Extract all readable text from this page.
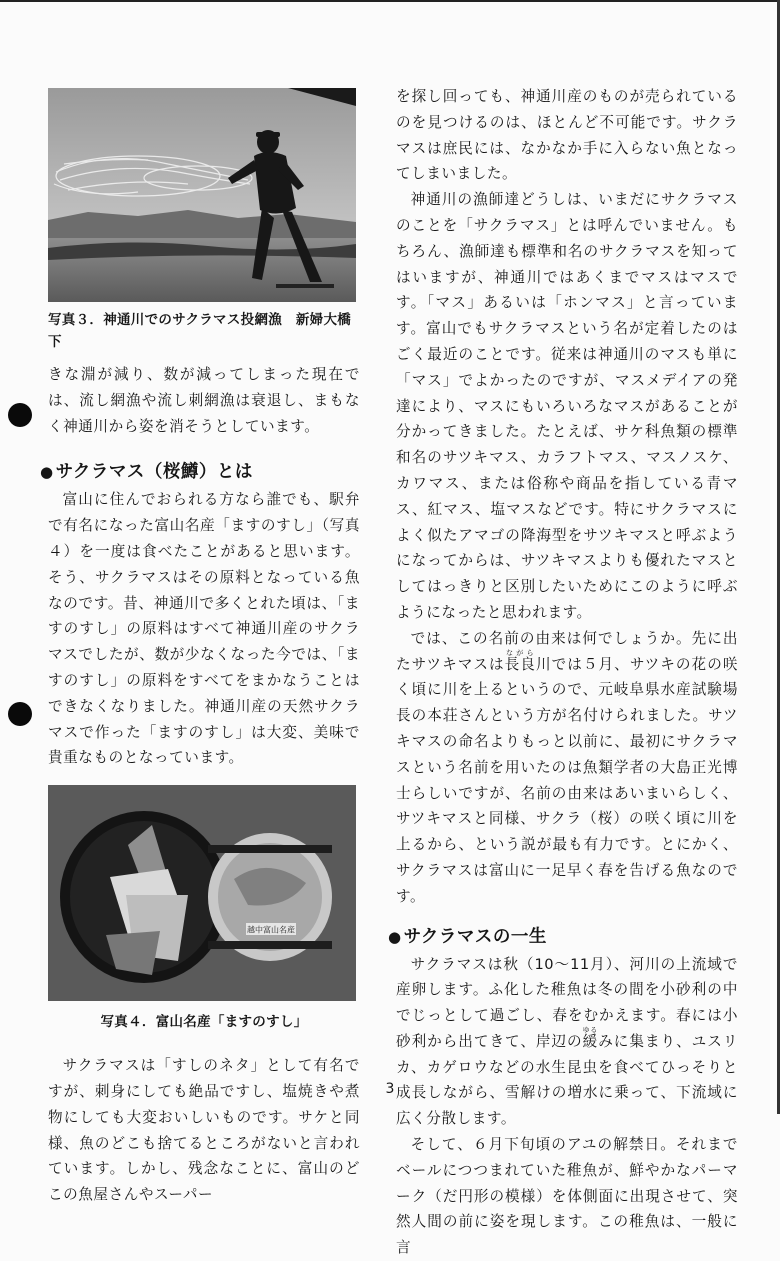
写真３．神通川でのサクラマス投網漁　新婦大橋下

きな淵が減り、数が減ってしまった現在では、流し網漁や流し刺網漁は衰退し、まもなく神通川から姿を消そうとしています。

● サクラマス（桜鱒）とは

富山に住んでおられる方なら誰でも、駅弁で有名になった富山名産「ますのすし」（写真４）を一度は食べたことがあると思います。そう、サクラマスはその原料となっている魚なのです。昔、神通川で多くとれた頃は、「ますのすし」の原料はすべて神通川産のサクラマスでしたが、数が少なくなった今では、「ますのすし」の原料をすべてをまかなうことはできなくなりました。神通川産の天然サクラマスで作った「ますのすし」は大変、美味で貴重なものとなっています。

越中富山名産

写真４．富山名産「ますのすし」

サクラマスは「すしのネタ」として有名ですが、刺身にしても絶品ですし、塩焼きや煮物にしても大変おいしいものです。サケと同様、魚のどこも捨てるところがないと言われています。しかし、残念なことに、富山のどこの魚屋さんやスーパー

を探し回っても、神通川産のものが売られているのを見つけるのは、ほとんど不可能です。サクラマスは庶民には、なかなか手に入らない魚となってしまいました。

神通川の漁師達どうしは、いまだにサクラマスのことを「サクラマス」とは呼んでいません。もちろん、漁師達も標準和名のサクラマスを知ってはいますが、神通川ではあくまでマスはマスです。「マス」あるいは「ホンマス」と言っています。富山でもサクラマスという名が定着したのはごく最近のことです。従来は神通川のマスも単に「マス」でよかったのですが、マスメデイアの発達により、マスにもいろいろなマスがあることが分かってきました。たとえば、サケ科魚類の標準和名のサツキマス、カラフトマス、マスノスケ、カワマス、または俗称や商品を指している青マス、紅マス、塩マスなどです。特にサクラマスによく似たアマゴの降海型をサツキマスと呼ぶようになってからは、サツキマスよりも優れたマスとしてはっきりと区別したいためにこのように呼ぶようになったと思われます。

では、この名前の由来は何でしょうか。先に出たサツキマスは長良ながら川では５月、サツキの花の咲く頃に川を上るというので、元岐阜県水産試験場長の本荘さんという方が名付けられました。サツキマスの命名よりもっと以前に、最初にサクラマスという名前を用いたのは魚類学者の大島正光博士らしいですが、名前の由来はあいまいらしく、サツキマスと同様、サクラ（桜）の咲く頃に川を上るから、という説が最も有力です。とにかく、サクラマスは富山に一足早く春を告げる魚なのです。

● サクラマスの一生

サクラマスは秋（10～11月）、河川の上流域で産卵します。ふ化した稚魚は冬の間を小砂利の中でじっとして過ごし、春をむかえます。春には小砂利から出てきて、岸辺の緩ゆるみに集まり、ユスリカ、カゲロウなどの水生昆虫を食べてひっそりと成長しながら、雪解けの増水に乗って、下流域に広く分散します。

そして、６月下旬頃のアユの解禁日。それまでベールにつつまれていた稚魚が、鮮やかなパーマーク（だ円形の模様）を体側面に出現させて、突然人間の前に姿を現します。この稚魚は、一般に言

3
